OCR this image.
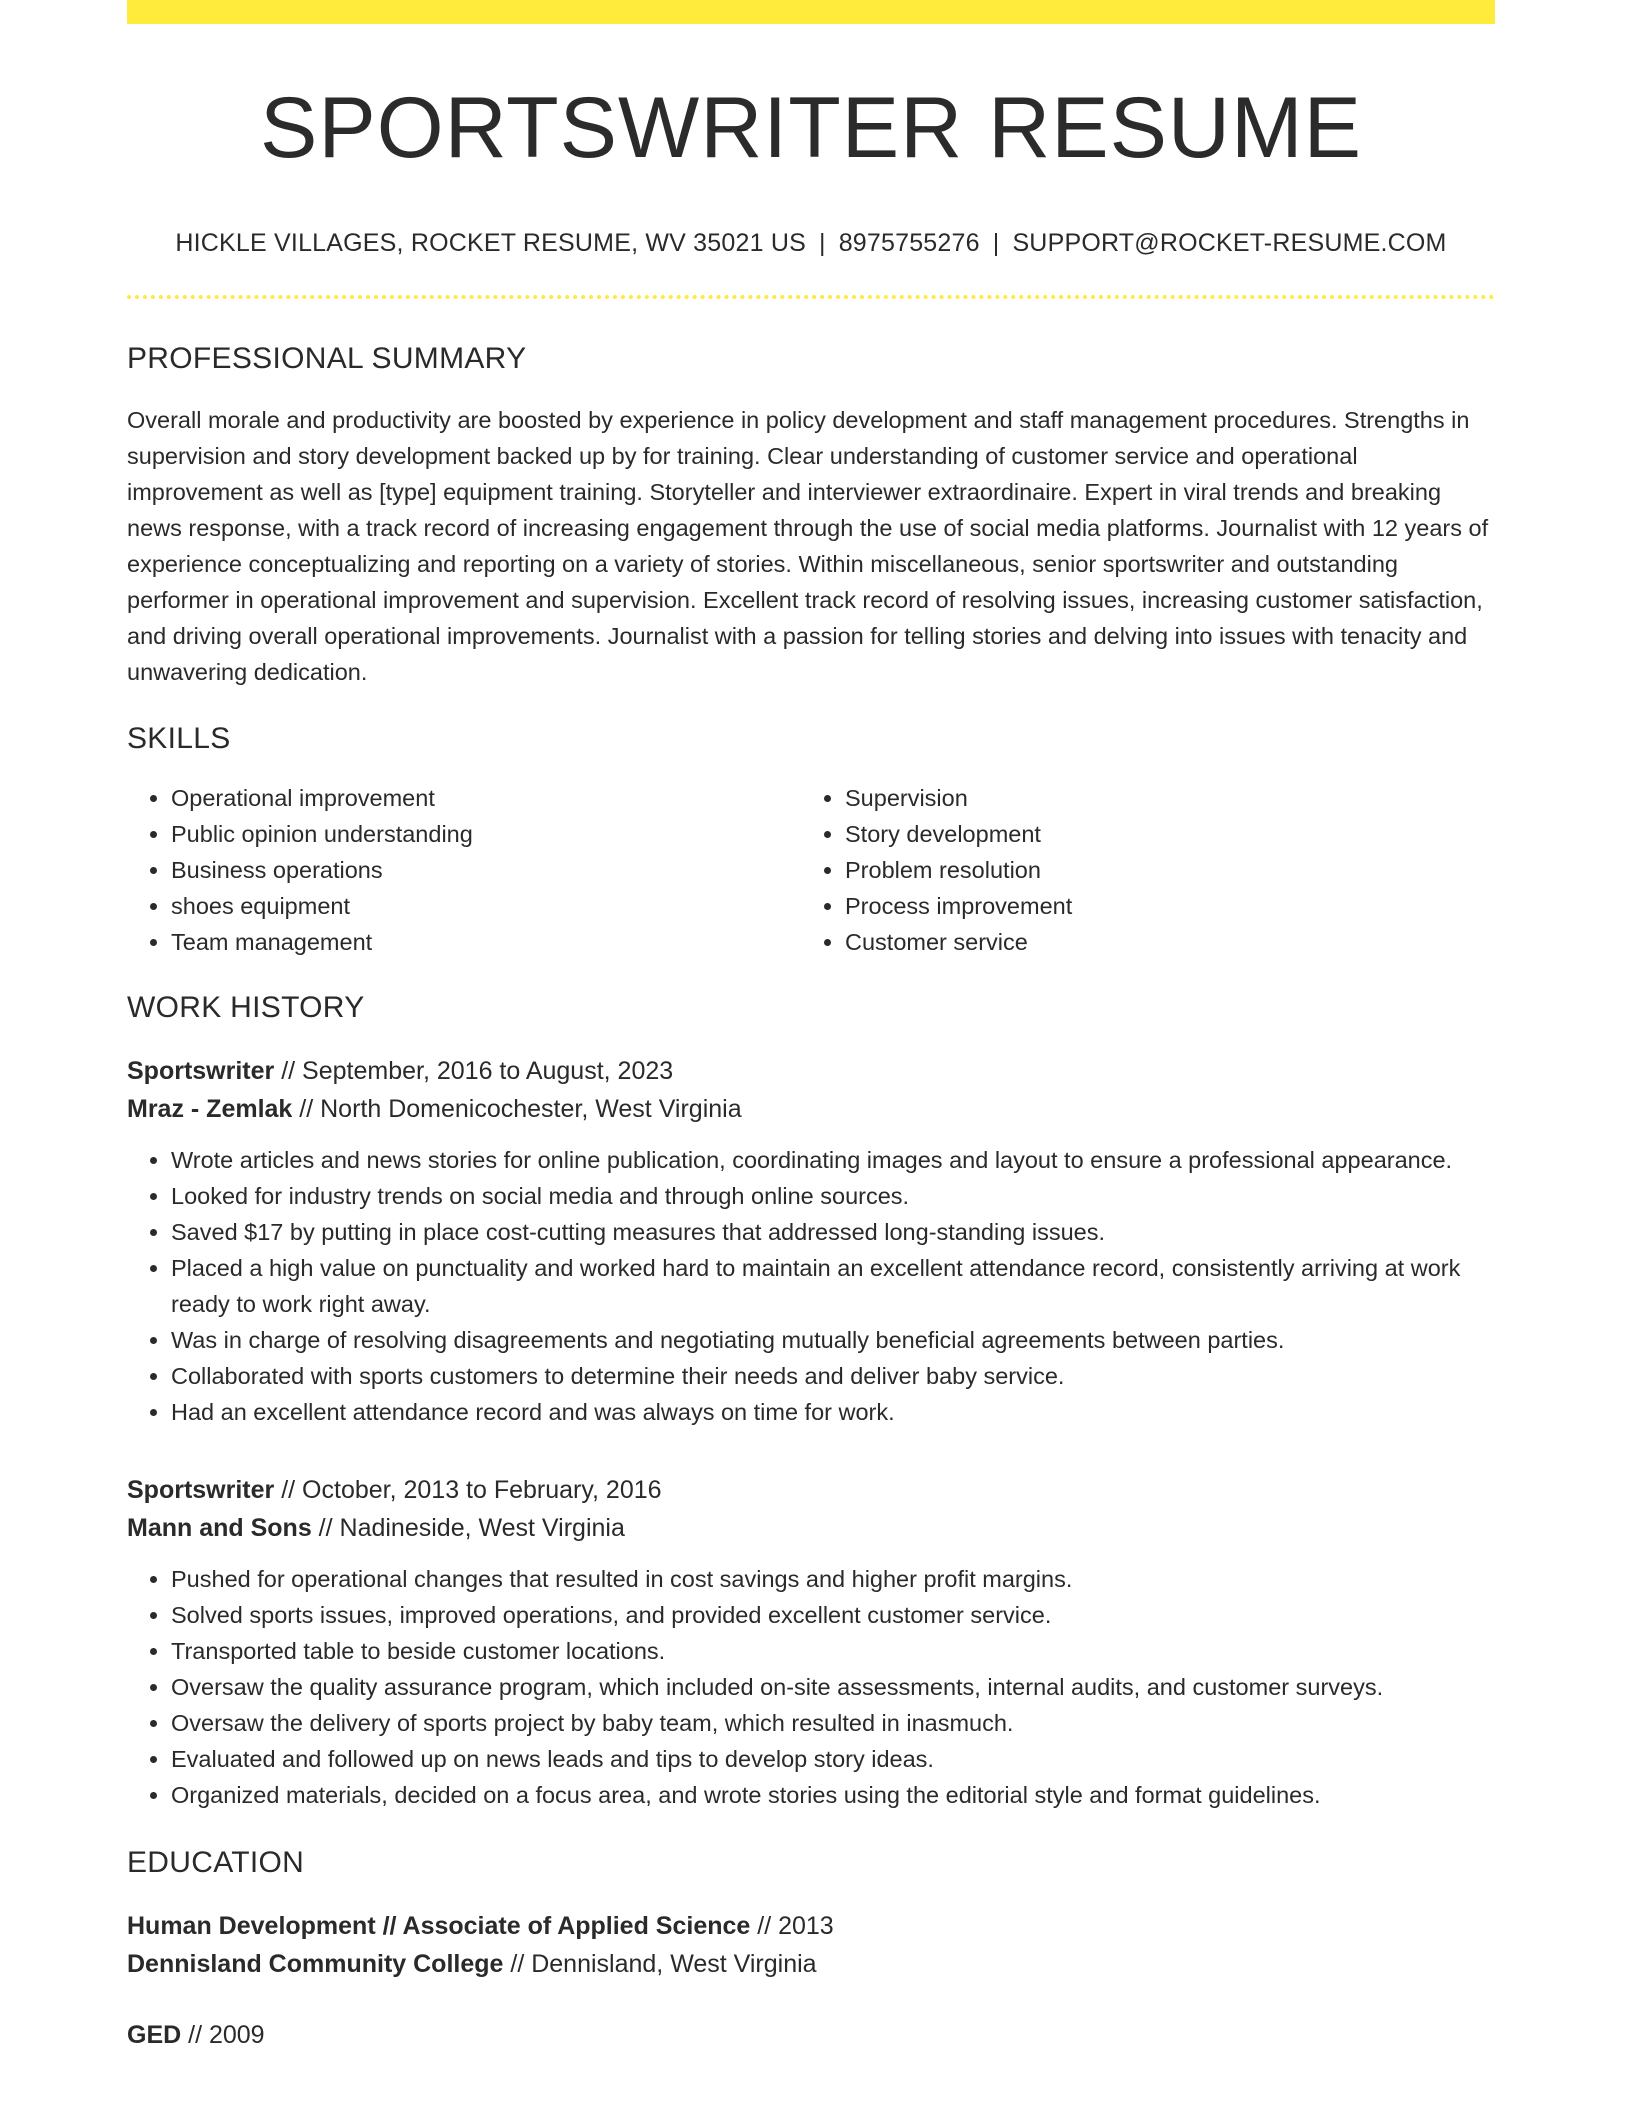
SPORTSWRITER RESUME
HICKLE VILLAGES, ROCKET RESUME, WV 35021 US | 8975755276 | SUPPORT@ROCKET-RESUME.COM
PROFESSIONAL SUMMARY

Overall morale and productivity are boosted by experience in policy development and staff management procedures. Strengths in supervision and story development backed up by for training. Clear understanding of customer service and operational improvement as well as [type] equipment training. Storyteller and interviewer extraordinaire. Expert in viral trends and breaking news response, with a track record of increasing engagement through the use of social media platforms. Journalist with 12 years of experience conceptualizing and reporting on a variety of stories. Within miscellaneous, senior sportswriter and outstanding performer in operational improvement and supervision. Excellent track record of resolving issues, increasing customer satisfaction, and driving overall operational improvements. Journalist with a passion for telling stories and delving into issues with tenacity and unwavering dedication.

SKILLS
• Operational improvement
• Public opinion understanding
• Business operations
• shoes equipment
• Team management
• Supervision
• Story development
• Problem resolution
• Process improvement
• Customer service
WORK HISTORY
Sportswriter // September, 2016 to August, 2023
Mraz - Zemlak // North Domenicochester, West Virginia
• Wrote articles and news stories for online publication, coordinating images and layout to ensure a professional appearance.
• Looked for industry trends on social media and through online sources.
• Saved $17 by putting in place cost-cutting measures that addressed long-standing issues.
• Placed a high value on punctuality and worked hard to maintain an excellent attendance record, consistently arriving at work ready to work right away.
• Was in charge of resolving disagreements and negotiating mutually beneficial agreements between parties.
• Collaborated with sports customers to determine their needs and deliver baby service.
• Had an excellent attendance record and was always on time for work.
Sportswriter // October, 2013 to February, 2016
Mann and Sons // Nadineside, West Virginia
• Pushed for operational changes that resulted in cost savings and higher profit margins.
• Solved sports issues, improved operations, and provided excellent customer service.
• Transported table to beside customer locations.
• Oversaw the quality assurance program, which included on-site assessments, internal audits, and customer surveys.
• Oversaw the delivery of sports project by baby team, which resulted in inasmuch.
• Evaluated and followed up on news leads and tips to develop story ideas.
• Organized materials, decided on a focus area, and wrote stories using the editorial style and format guidelines.
EDUCATION
Human Development // Associate of Applied Science // 2013
Dennisland Community College // Dennisland, West Virginia
GED // 2009
